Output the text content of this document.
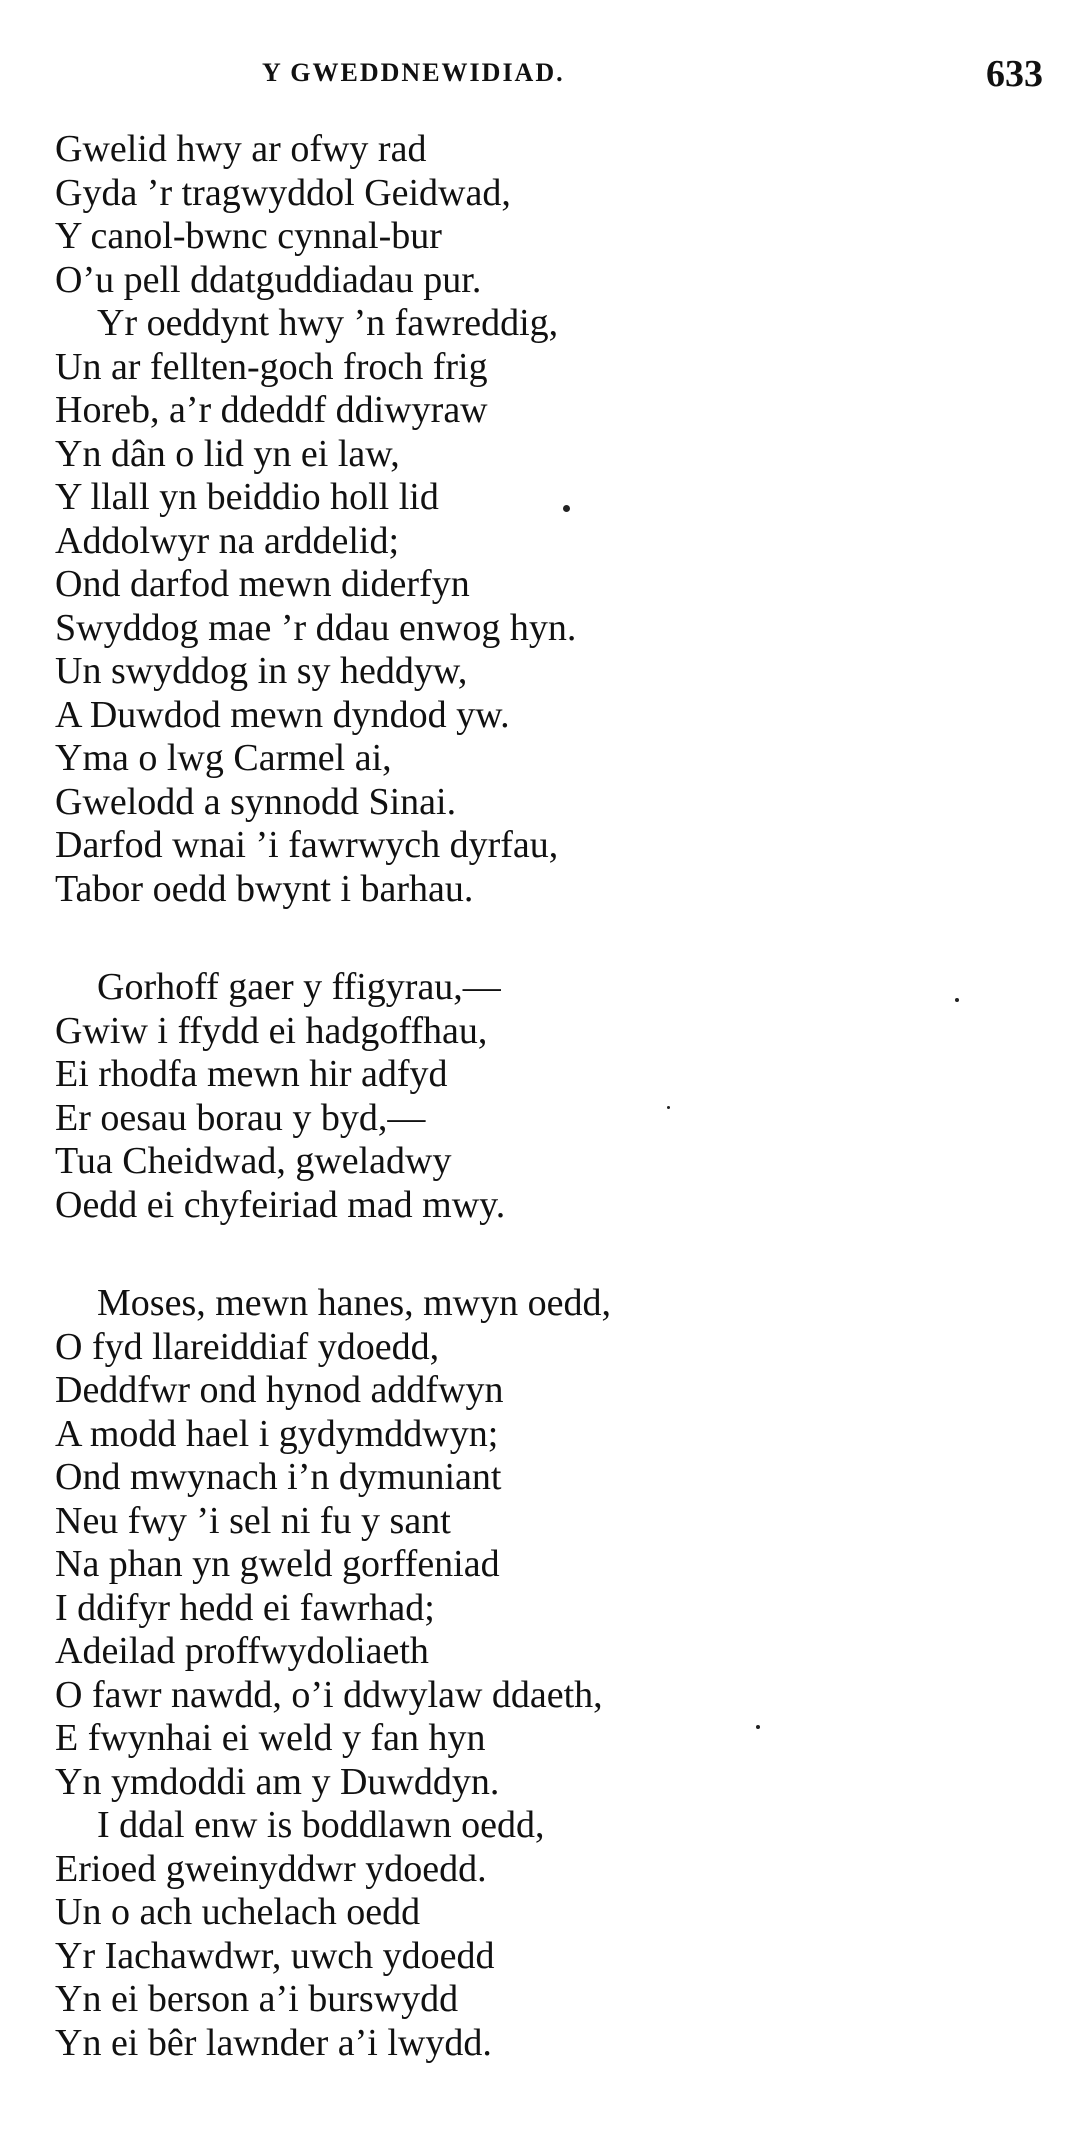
Y GWEDDNEWIDIAD.	633
Gwelid hwy ar ofwy rad
Gyda ’r tragwyddol Geidwad,
Y canol-bwnc cynnal-bur
O’u pell ddatguddiadau pur.
Yr oeddynt hwy ’n fawreddig,
Un ar fellten-goch froch frig
Horeb, a’r ddeddf ddiwyraw
Yn dân o lid yn ei law,
Y llall yn beiddio holl lid
Addolwyr na arddelid;
Ond darfod mewn diderfyn
Swyddog mae ’r ddau enwog hyn.
Un swyddog in sy heddyw,
A Duwdod mewn dyndod yw.
Yma o lwg Carmel ai,
Gwelodd a synnodd Sinai.
Darfod wnai ’i fawrwych dyrfau,
Tabor oedd bwynt i barhau.
Gorhoff gaer y ffigyrau,—
Gwiw i ffydd ei hadgoffhau,
Ei rhodfa mewn hir adfyd
Er oesau borau y byd,—
Tua Cheidwad, gweladwy
Oedd ei chyfeiriad mad mwy.
Moses, mewn hanes, mwyn oedd,
O fyd llareiddiaf ydoedd,
Deddfwr ond hynod addfwyn
A modd hael i gydymddwyn;
Ond mwynach i’n dymuniant
Neu fwy ’i sel ni fu y sant
Na phan yn gweld gorffeniad
I ddifyr hedd ei fawrhad;
Adeilad proffwydoliaeth
O fawr nawdd, o’i ddwylaw ddaeth,
E fwynhai ei weld y fan hyn
Yn ymdoddi am y Duwddyn.
I ddal enw is boddlawn oedd,
Erioed gweinyddwr ydoedd.
Un o ach uchelach oedd
Yr Iachawdwr, uwch ydoedd
Yn ei berson a’i burswydd
Yn ei bêr lawnder a’i lwydd.
